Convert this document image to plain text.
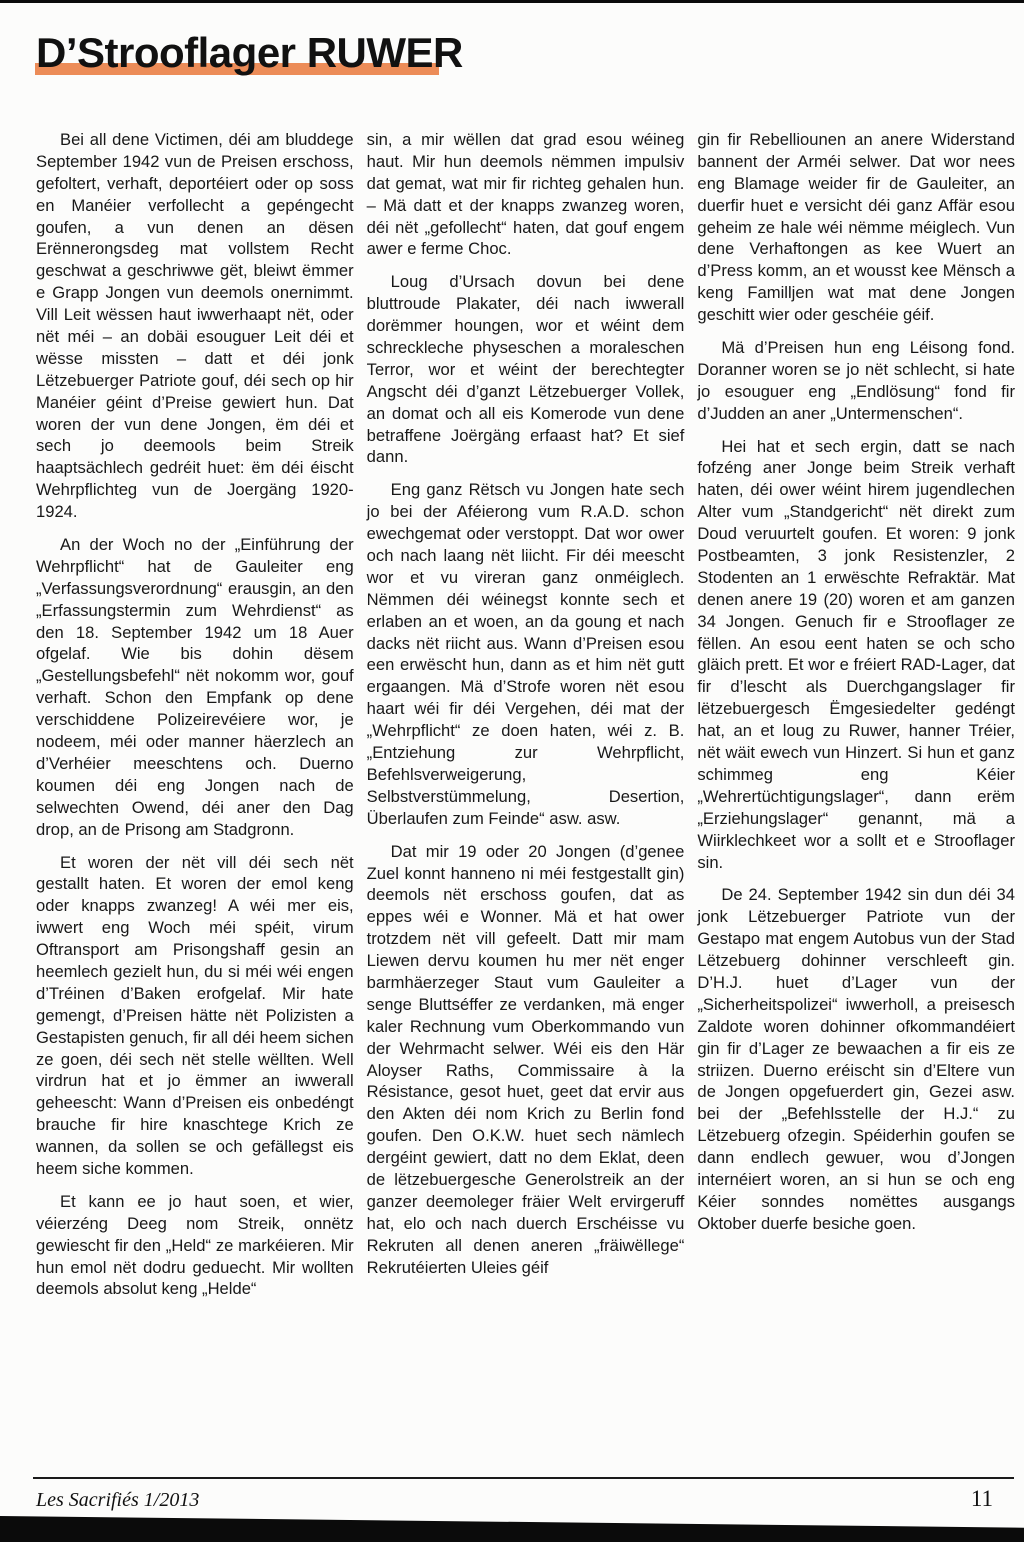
D’Strooflager RUWER

Bei all dene Victimen, déi am bluddege September 1942 vun de Preisen erschoss, gefoltert, verhaft, deportéiert oder op soss en Manéier verfollecht a gepéngecht goufen, a vun denen an dësen Erënnerongsdeg mat vollstem Recht geschwat a geschriwwe gët, bleiwt ëmmer e Grapp Jongen vun deemols onernimmt. Vill Leit wëssen haut iwwerhaapt nët, oder nët méi – an dobäi esouguer Leit déi et wësse missten – datt et déi jonk Lëtzebuerger Patriote gouf, déi sech op hir Manéier géint d’Preise gewiert hun. Dat woren der vun dene Jongen, ëm déi et sech jo deemools beim Streik haaptsächlech gedréit huet: ëm déi éischt Wehrpflichteg vun de Joergäng 1920-1924.

An der Woch no der „Einführung der Wehrpflicht“ hat de Gauleiter eng „Verfassungsverordnung“ erausgin, an den „Erfassungstermin zum Wehrdienst“ as den 18. September 1942 um 18 Auer ofgelaf. Wie bis dohin dësem „Gestellungsbefehl“ nët nokomm wor, gouf verhaft. Schon den Empfank op dene verschiddene Polizeirevéiere wor, je nodeem, méi oder manner häerzlech an d’Verhéier meeschtens och. Duerno koumen déi eng Jongen nach de selwechten Owend, déi aner den Dag drop, an de Prisong am Stadgronn.

Et woren der nët vill déi sech nët gestallt haten. Et woren der emol keng oder knapps zwanzeg! A wéi mer eis, iwwert eng Woch méi spéit, virum Oftransport am Prisongshaff gesin an heemlech gezielt hun, du si méi wéi engen d’Tréinen d’Baken erofgelaf. Mir hate gemengt, d’Preisen hätte nët Polizisten a Gestapisten genuch, fir all déi heem sichen ze goen, déi sech nët stelle wëllten. Well virdrun hat et jo ëmmer an iwwerall geheescht: Wann d’Preisen eis onbedéngt brauche fir hire knaschtege Krich ze wannen, da sollen se och gefällegst eis heem siche kommen.

Et kann ee jo haut soen, et wier, véierzéng Deeg nom Streik, onnëtz gewiescht fir den „Held“ ze markéieren. Mir hun emol nët dodru geduecht. Mir wollten deemols absolut keng „Helde“

sin, a mir wëllen dat grad esou wéineg haut. Mir hun deemols nëmmen impulsiv dat gemat, wat mir fir richteg gehalen hun. – Mä datt et der knapps zwanzeg woren, déi nët „gefollecht“ haten, dat gouf engem awer e ferme Choc.

Loug d’Ursach dovun bei dene bluttroude Plakater, déi nach iwwerall dorëmmer houngen, wor et wéint dem schreckleche physeschen a moraleschen Terror, wor et wéint der berechtegter Angscht déi d’ganzt Lëtzebuerger Vollek, an domat och all eis Komerode vun dene betraffene Joërgäng erfaast hat? Et sief dann.

Eng ganz Rëtsch vu Jongen hate sech jo bei der Aféierong vum R.A.D. schon ewechgemat oder verstoppt. Dat wor ower och nach laang nët liicht. Fir déi meescht wor et vu vireran ganz onméiglech. Nëmmen déi wéinegst konnte sech et erlaben an et woen, an da goung et nach dacks nët riicht aus. Wann d’Preisen esou een erwëscht hun, dann as et him nët gutt ergaangen. Mä d’Strofe woren nët esou haart wéi fir déi Vergehen, déi mat der „Wehrpflicht“ ze doen haten, wéi z. B. „Entziehung zur Wehrpflicht, Befehlsverweigerung, Selbstverstümmelung, Desertion, Überlaufen zum Feinde“ asw. asw.

Dat mir 19 oder 20 Jongen (d’genee Zuel konnt hanneno ni méi festgestallt gin) deemols nët erschoss goufen, dat as eppes wéi e Wonner. Mä et hat ower trotzdem nët vill gefeelt. Datt mir mam Liewen dervu koumen hu mer nët enger barmhäerzeger Staut vum Gauleiter a senge Bluttséffer ze verdanken, mä enger kaler Rechnung vum Oberkommando vun der Wehrmacht selwer. Wéi eis den Här Aloyser Raths, Commissaire à la Résistance, gesot huet, geet dat ervir aus den Akten déi nom Krich zu Berlin fond goufen. Den O.K.W. huet sech nämlech dergéint gewiert, datt no dem Eklat, deen de lëtzebuergesche Generolstreik an der ganzer deemoleger fräier Welt ervirgeruff hat, elo och nach duerch Erschéisse vu Rekruten all denen aneren „fräiwëllege“ Rekrutéierten Uleies géif

gin fir Rebelliounen an anere Widerstand bannent der Arméi selwer. Dat wor nees eng Blamage weider fir de Gauleiter, an duerfir huet e versicht déi ganz Affär esou geheim ze hale wéi nëmme méiglech. Vun dene Verhaftongen as kee Wuert an d’Press komm, an et wousst kee Mënsch a keng Familljen wat mat dene Jongen geschitt wier oder geschéie géif.

Mä d’Preisen hun eng Léisong fond. Doranner woren se jo nët schlecht, si hate jo esouguer eng „Endlösung“ fond fir d’Judden an aner „Untermenschen“.

Hei hat et sech ergin, datt se nach fofzéng aner Jonge beim Streik verhaft haten, déi ower wéint hirem jugendlechen Alter vum „Standgericht“ nët direkt zum Doud veruurtelt goufen. Et woren: 9 jonk Postbeamten, 3 jonk Resistenzler, 2 Stodenten an 1 erwëschte Refraktär. Mat denen anere 19 (20) woren et am ganzen 34 Jongen. Genuch fir e Strooflager ze fëllen. An esou eent haten se och scho gläich prett. Et wor e fréiert RAD-Lager, dat fir d’lescht als Duerchgangslager fir lëtzebuergesch Ëmgesiedelter gedéngt hat, an et loug zu Ruwer, hanner Tréier, nët wäit ewech vun Hinzert. Si hun et ganz schimmeg eng Kéier „Wehrertüchtigungslager“, dann erëm „Erziehungslager“ genannt, mä a Wiirklechkeet wor a sollt et e Strooflager sin.

De 24. September 1942 sin dun déi 34 jonk Lëtzebuerger Patriote vun der Gestapo mat engem Autobus vun der Stad Lëtzebuerg dohinner verschleeft gin. D’H.J. huet d’Lager vun der „Sicherheitspolizei“ iwwerholl, a preisesch Zaldote woren dohinner ofkommandéiert gin fir d’Lager ze bewaachen a fir eis ze striizen. Duerno eréischt sin d’Eltere vun de Jongen opgefuerdert gin, Gezei asw. bei der „Befehlsstelle der H.J.“ zu Lëtzebuerg ofzegin. Spéiderhin goufen se dann endlech gewuer, wou d’Jongen internéiert woren, an si hun se och eng Kéier sonndes nomëttes ausgangs Oktober duerfe besiche goen.

Les Sacrifiés 1/2013	11
